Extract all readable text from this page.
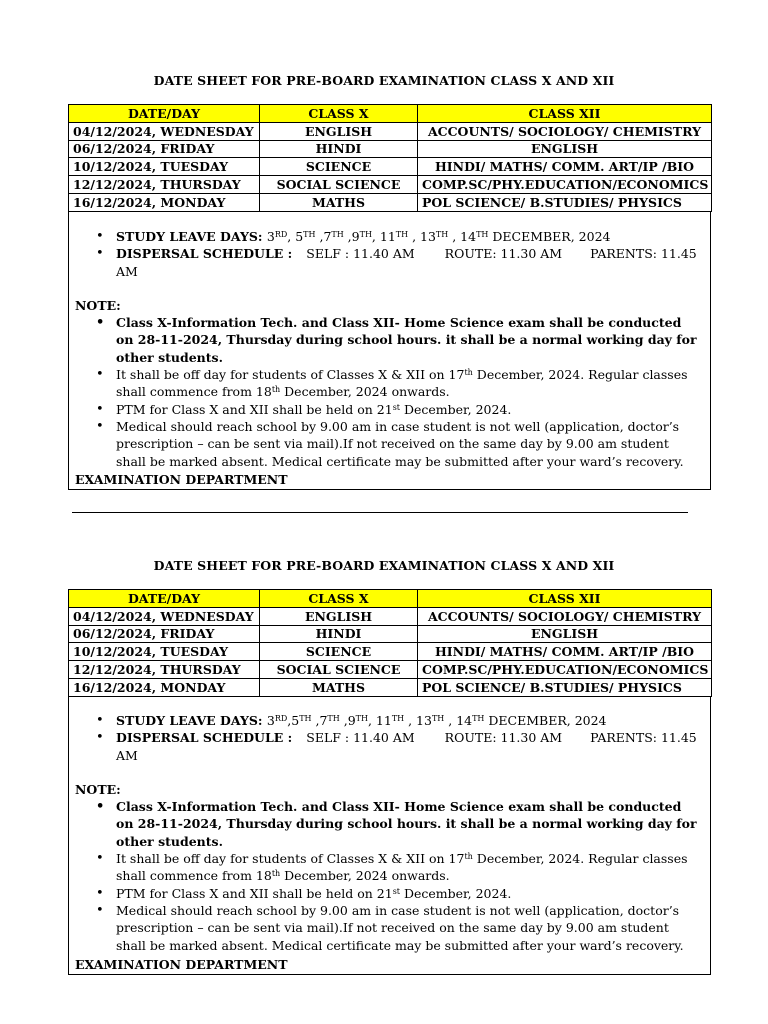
DATE SHEET FOR PRE-BOARD EXAMINATION CLASS X AND XII
DATE/DAY	CLASS X	CLASS XII
04/12/2024, WEDNESDAY	ENGLISH	ACCOUNTS/ SOCIOLOGY/ CHEMISTRY
06/12/2024, FRIDAY	HINDI	ENGLISH
10/12/2024, TUESDAY	SCIENCE	HINDI/ MATHS/ COMM. ART/IP /BIO
12/12/2024, THURSDAY	SOCIAL SCIENCE	COMP.SC/PHY.EDUCATION/ECONOMICS
16/12/2024, MONDAY	MATHS	POL SCIENCE/ B.STUDIES/ PHYSICS
• STUDY LEAVE DAYS: 3RD, 5TH ,7TH ,9TH, 11TH , 13TH , 14TH DECEMBER, 2024
• DISPERSAL SCHEDULE : SELF : 11.40 AM ROUTE: 11.30 AM PARENTS: 11.45 AM
NOTE:
• Class X-Information Tech. and Class XII- Home Science exam shall be conducted on 28-11-2024, Thursday during school hours. it shall be a normal working day for other students.
• It shall be off day for students of Classes X & XII on 17th December, 2024. Regular classes shall commence from 18th December, 2024 onwards.
• PTM for Class X and XII shall be held on 21st December, 2024.
• Medical should reach school by 9.00 am in case student is not well (application, doctor’s prescription – can be sent via mail).If not received on the same day by 9.00 am student shall be marked absent. Medical certificate may be submitted after your ward’s recovery.
EXAMINATION DEPARTMENT
DATE SHEET FOR PRE-BOARD EXAMINATION CLASS X AND XII
DATE/DAY	CLASS X	CLASS XII
04/12/2024, WEDNESDAY	ENGLISH	ACCOUNTS/ SOCIOLOGY/ CHEMISTRY
06/12/2024, FRIDAY	HINDI	ENGLISH
10/12/2024, TUESDAY	SCIENCE	HINDI/ MATHS/ COMM. ART/IP /BIO
12/12/2024, THURSDAY	SOCIAL SCIENCE	COMP.SC/PHY.EDUCATION/ECONOMICS
16/12/2024, MONDAY	MATHS	POL SCIENCE/ B.STUDIES/ PHYSICS
• STUDY LEAVE DAYS: 3RD,5TH ,7TH ,9TH, 11TH , 13TH , 14TH DECEMBER, 2024
• DISPERSAL SCHEDULE : SELF : 11.40 AM ROUTE: 11.30 AM PARENTS: 11.45 AM
NOTE:
• Class X-Information Tech. and Class XII- Home Science exam shall be conducted on 28-11-2024, Thursday during school hours. it shall be a normal working day for other students.
• It shall be off day for students of Classes X & XII on 17th December, 2024. Regular classes shall commence from 18th December, 2024 onwards.
• PTM for Class X and XII shall be held on 21st December, 2024.
• Medical should reach school by 9.00 am in case student is not well (application, doctor’s prescription – can be sent via mail).If not received on the same day by 9.00 am student shall be marked absent. Medical certificate may be submitted after your ward’s recovery.
EXAMINATION DEPARTMENT
